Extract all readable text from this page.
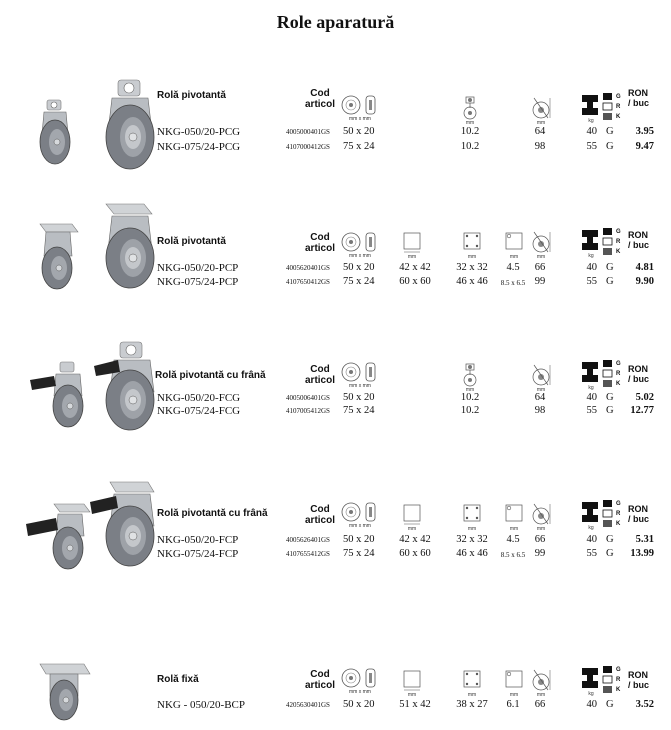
Role aparatură
Rolă pivotantă	Cod
articol
mm x mm
mm	mm	kg
G
R
K
RON
/ buc
NKG-050/20-PCG	4005000401GS 50 x 20	10.2	64	40 G	3.95
NKG-075/24-PCG	4107000412GS 75 x 24	10.2	98	55 G	9.47
Rolă pivotantă	Cod
articol
mm x mm	mm	mm	mm	mm	kg
G
R
K
RON
/ buc
NKG-050/20-PCP	4005620401GS 50 x 20	42 x 42	32 x 32	4.5	66	40 G	4.81
NKG-075/24-PCP	4107650412GS 75 x 24	60 x 60	46 x 46	8.5 x 6.5 99	55 G	9.90
Rolă pivotantă cu frână
Cod
articol	mm x mm
mm	mm	kg
G
R
K
RON
/ buc
NKG-050/20-FCG	4005006401GS 50 x 20	10.2	64	40 G	5.02
NKG-075/24-FCG	4107005412GS 75 x 24	10.2	98	55 G 12.77
Rolă pivotantă cu frână	Cod
articol	mm x mm	mm	mm	mm	mm	kg
G
R
K
RON
/ buc
NKG-050/20-FCP	4005626401GS 50 x 20	42 x 42	32 x 32	4.5	66	40 G	5.31
NKG-075/24-FCP	4107655412GS 75 x 24	60 x 60	46 x 46	8.5 x 6.5 99	55 G 13.99
Rolă fixă	Cod
articol
mm x mm	mm	mm	mm	mm	kg
G
R
K
RON
/ buc
NKG - 050/20-BCP	4205630401GS 50 x 20	51 x 42	38 x 27	6.1	66	40 G	3.52
